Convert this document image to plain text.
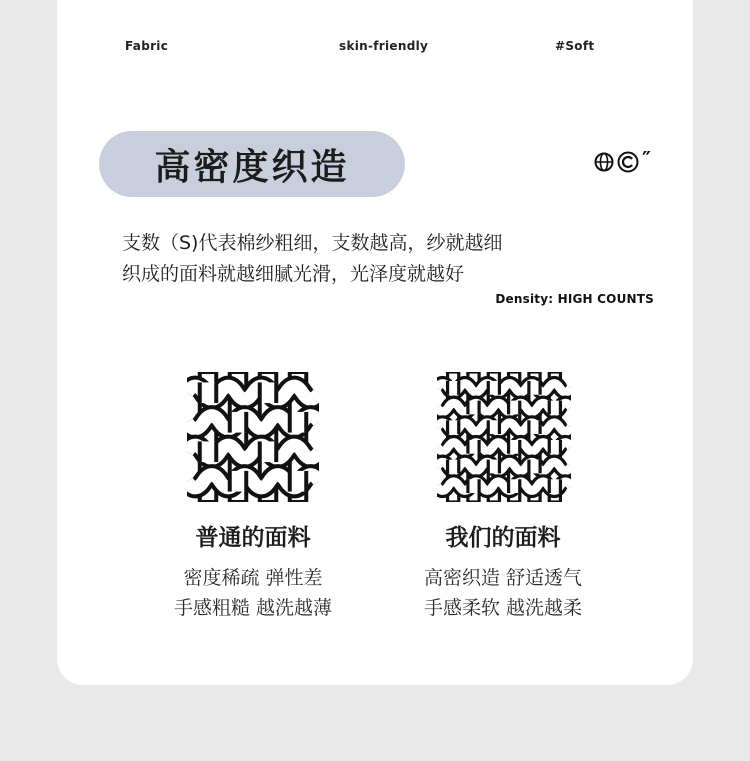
Fabric	skin-friendly	#Soft
高密度织造	″
支数（S)代表棉纱粗细，支数越高，纱就越细
织成的面料就越细腻光滑，光泽度就越好
Density: HIGH COUNTS
普通的面料
密度稀疏 弹性差
手感粗糙 越洗越薄
我们的面料
高密织造 舒适透气
手感柔软 越洗越柔
